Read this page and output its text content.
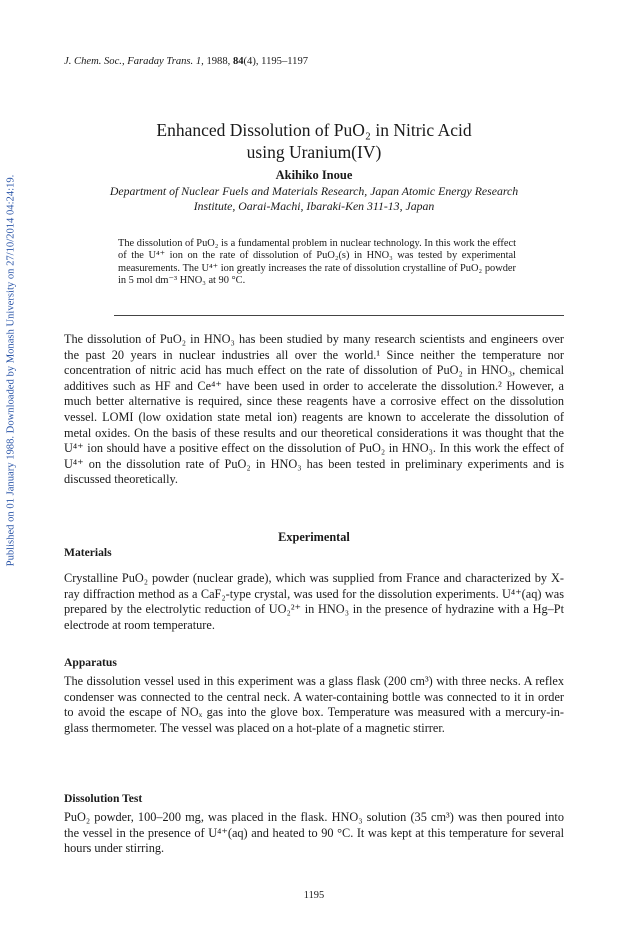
Published on 01 January 1988. Downloaded by Monash University on 27/10/2014 04:24:19.
J. Chem. Soc., Faraday Trans. 1, 1988, 84(4), 1195–1197
Enhanced Dissolution of PuO₂ in Nitric Acid
using Uranium(IV)
Akihiko Inoue
Department of Nuclear Fuels and Materials Research, Japan Atomic Energy Research
Institute, Oarai-Machi, Ibaraki-Ken 311-13, Japan
The dissolution of PuO₂ is a fundamental problem in nuclear technology. In this work the effect of the U⁴⁺ ion on the rate of dissolution of PuO₂(s) in HNO₃ was tested by experimental measurements. The U⁴⁺ ion greatly increases the rate of dissolution crystalline of PuO₂ powder in 5 mol dm⁻³ HNO₃ at 90 °C.
The dissolution of PuO₂ in HNO₃ has been studied by many research scientists and engineers over the past 20 years in nuclear industries all over the world.¹ Since neither the temperature nor concentration of nitric acid has much effect on the rate of dissolution of PuO₂ in HNO₃, chemical additives such as HF and Ce⁴⁺ have been used in order to accelerate the dissolution.² However, a much better alternative is required, since these reagents have a corrosive effect on the dissolution vessel. LOMI (low oxidation state metal ion) reagents are known to accelerate the dissolution of metal oxides. On the basis of these results and our theoretical considerations it was thought that the U⁴⁺ ion should have a positive effect on the dissolution of PuO₂ in HNO₃. In this work the effect of U⁴⁺ on the dissolution rate of PuO₂ in HNO₃ has been tested in preliminary experiments and is discussed theoretically.
Experimental
Materials
Crystalline PuO₂ powder (nuclear grade), which was supplied from France and characterized by X-ray diffraction method as a CaF₂-type crystal, was used for the dissolution experiments. U⁴⁺(aq) was prepared by the electrolytic reduction of UO₂²⁺ in HNO₃ in the presence of hydrazine with a Hg–Pt electrode at room temperature.
Apparatus
The dissolution vessel used in this experiment was a glass flask (200 cm³) with three necks. A reflex condenser was connected to the central neck. A water-containing bottle was connected to it in order to avoid the escape of NOₓ gas into the glove box. Temperature was measured with a mercury-in-glass thermometer. The vessel was placed on a hot-plate of a magnetic stirrer.
Dissolution Test
PuO₂ powder, 100–200 mg, was placed in the flask. HNO₃ solution (35 cm³) was then poured into the vessel in the presence of U⁴⁺(aq) and heated to 90 °C. It was kept at this temperature for several hours under stirring.
1195
